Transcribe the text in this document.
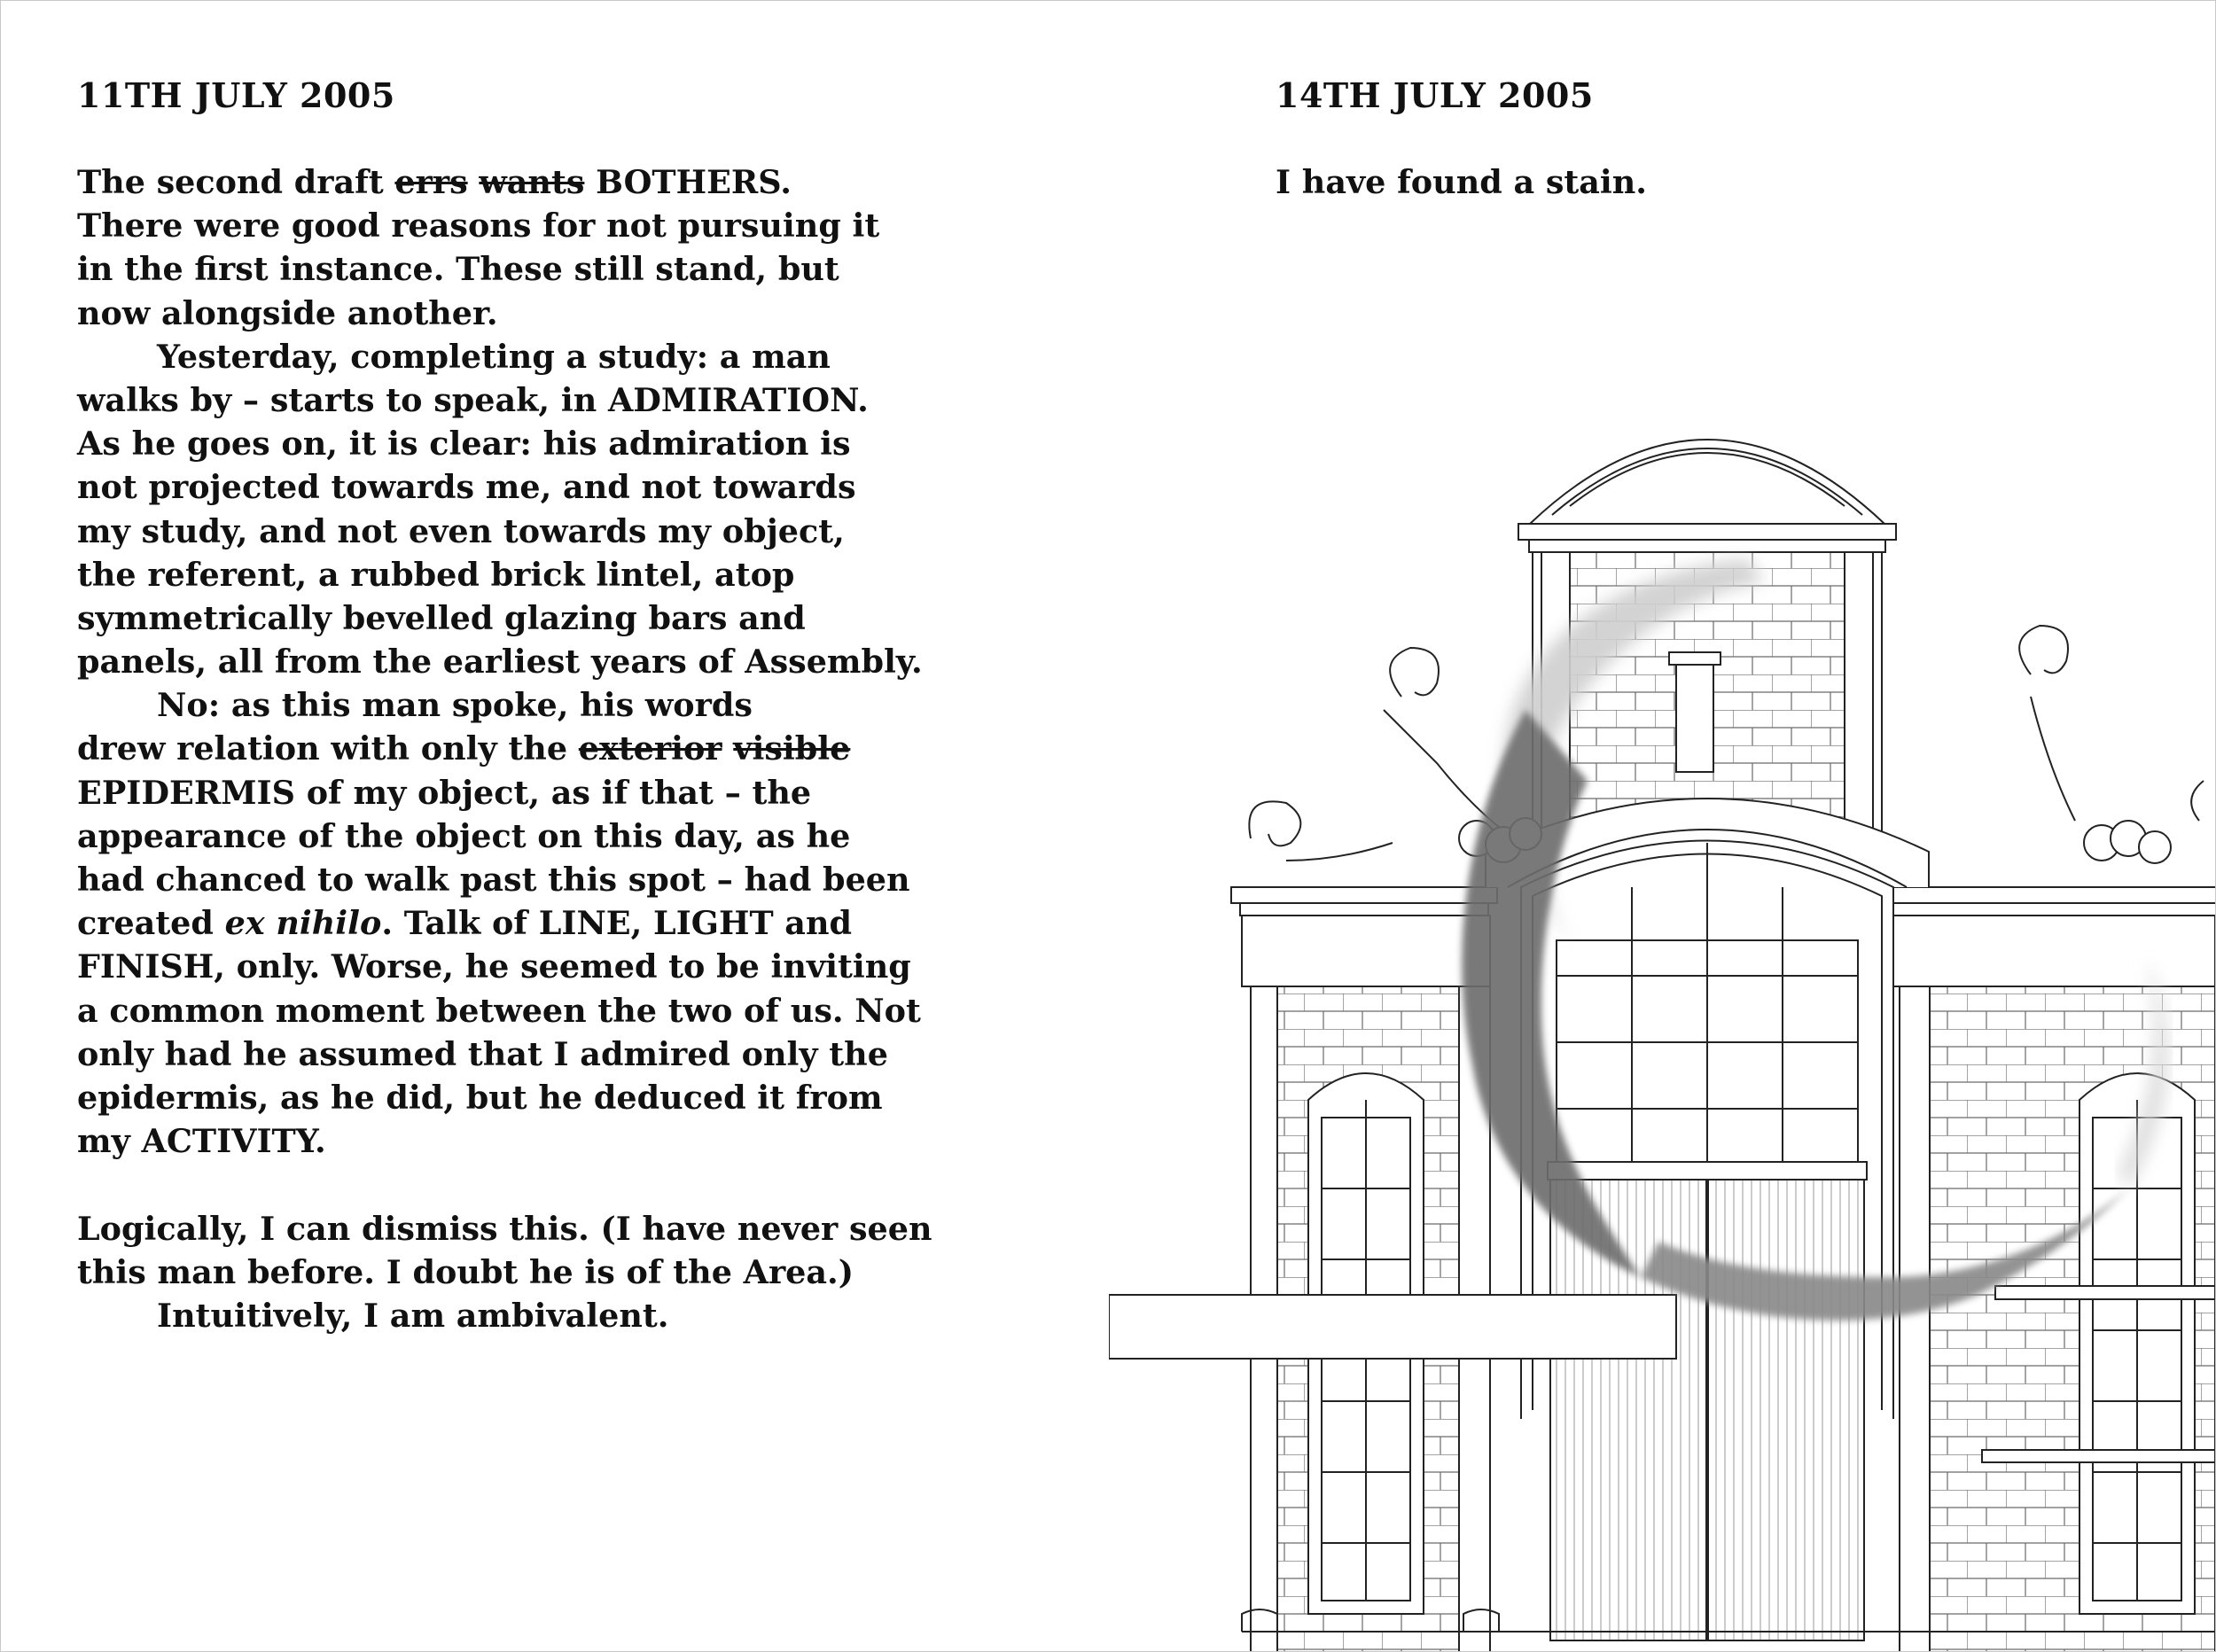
11TH JULY 2005
The second draft errs wants BOTHERS.
There were good reasons for not pursuing it
in the first instance. These still stand, but
now alongside another.
Yesterday, completing a study: a man
walks by – starts to speak, in ADMIRATION.
As he goes on, it is clear: his admiration is
not projected towards me, and not towards
my study, and not even towards my object,
the referent, a rubbed brick lintel, atop
symmetrically bevelled glazing bars and
panels, all from the earliest years of Assembly.
No: as this man spoke, his words
drew relation with only the exterior visible
EPIDERMIS of my object, as if that – the
appearance of the object on this day, as he
had chanced to walk past this spot – had been
created ex nihilo. Talk of LINE, LIGHT and
FINISH, only. Worse, he seemed to be inviting
a common moment between the two of us. Not
only had he assumed that I admired only the
epidermis, as he did, but he deduced it from
my ACTIVITY.
Logically, I can dismiss this. (I have never seen
this man before. I doubt he is of the Area.)
Intuitively, I am ambivalent.
14TH JULY 2005
I have found a stain.
